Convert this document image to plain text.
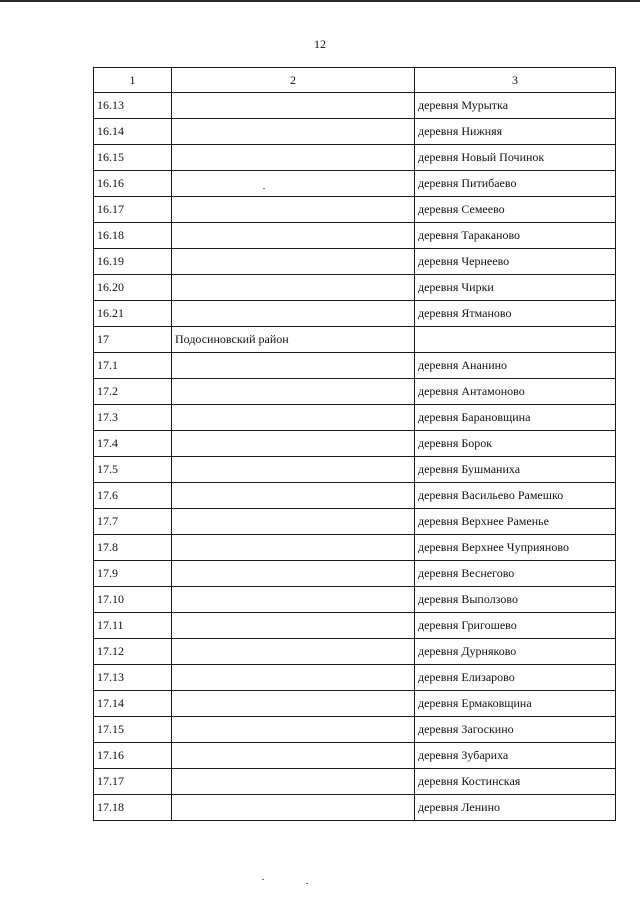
12
1	2	3
16.13		деревня Мурытка
16.14		деревня Нижняя
16.15		деревня Новый Починок
16.16		деревня Питибаево
16.17		деревня Семеево
16.18		деревня Тараканово
16.19		деревня Чернеево
16.20		деревня Чирки
16.21		деревня Ятманово
17	Подосиновский район	
17.1		деревня Ананино
17.2		деревня Антамоново
17.3		деревня Барановщина
17.4		деревня Борок
17.5		деревня Бушманиха
17.6		деревня Васильево Рамешко
17.7		деревня Верхнее Раменье
17.8		деревня Верхнее Чуприяново
17.9		деревня Веснегово
17.10		деревня Выползово
17.11		деревня Григошево
17.12		деревня Дурняково
17.13		деревня Елизарово
17.14		деревня Ермаковщина
17.15		деревня Загоскино
17.16		деревня Зубариха
17.17		деревня Костинская
17.18		деревня Ленино
